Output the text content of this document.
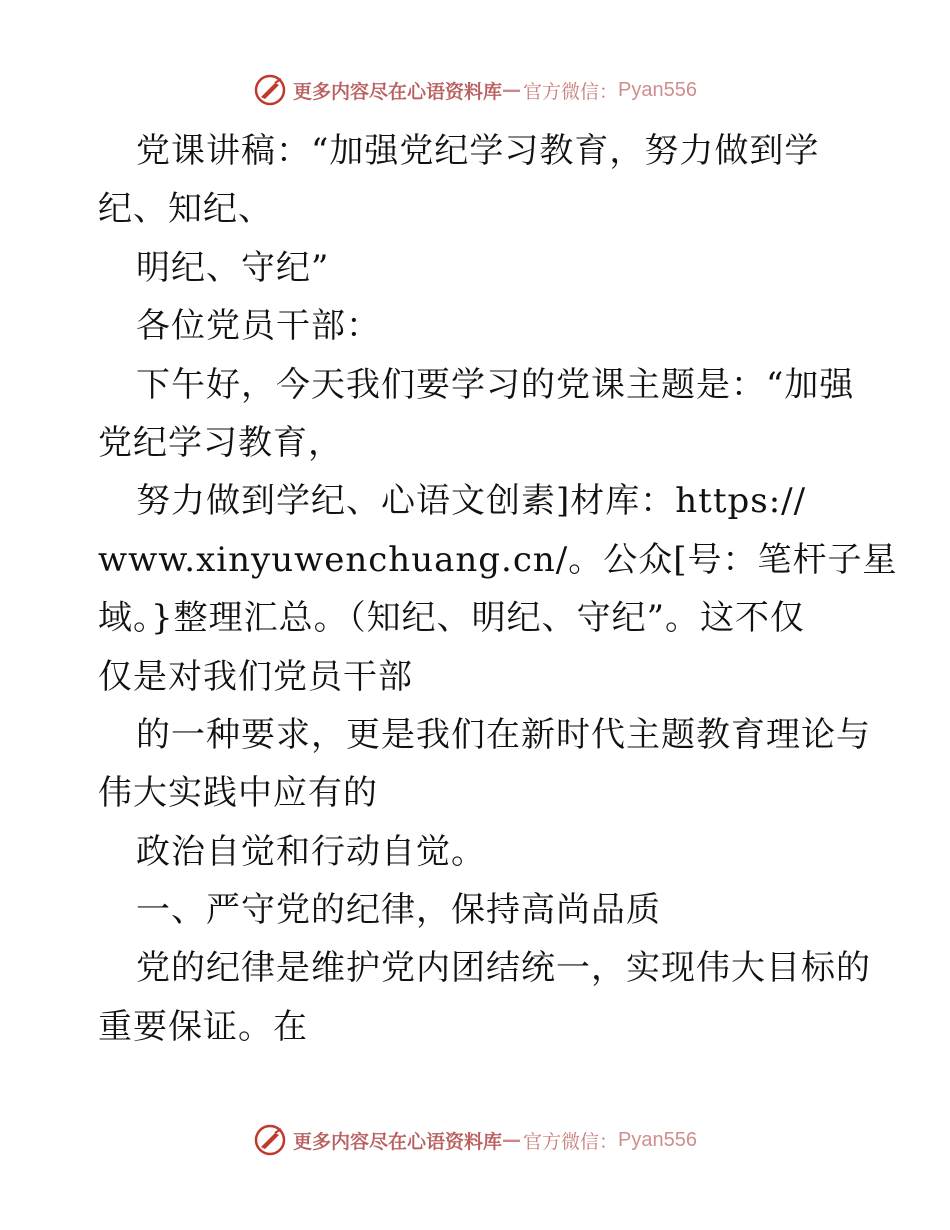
更多内容尽在心语资料库 — 官方微信： Pyan556
党课讲稿：“加强党纪学习教育，努力做到学
纪、知纪、
明纪、守纪”
各位党员干部：
下午好，今天我们要学习的党课主题是：“加强
党纪学习教育，
努力做到学纪、心语文创素]材库：https://
www.xinyuwenchuang.cn/。公众[号：笔杆子星
域。}整理汇总。（知纪、明纪、守纪”。这不仅
仅是对我们党员干部
的一种要求，更是我们在新时代主题教育理论与
伟大实践中应有的
政治自觉和行动自觉。
一、严守党的纪律，保持高尚品质
党的纪律是维护党内团结统一，实现伟大目标的
重要保证。在
更多内容尽在心语资料库 — 官方微信： Pyan556
